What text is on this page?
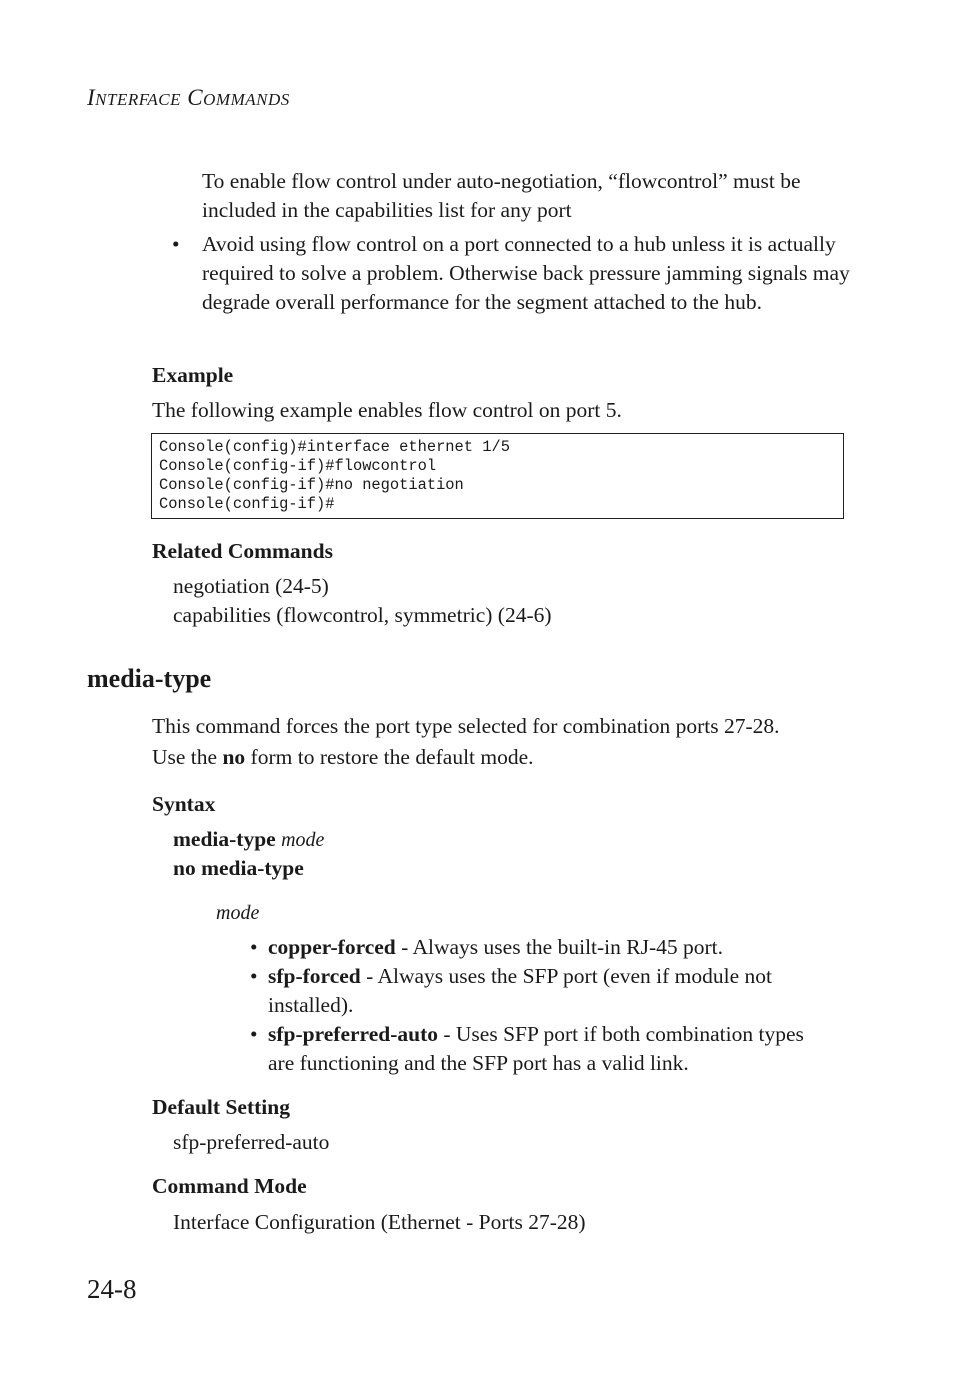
INTERFACE COMMANDS

To enable flow control under auto-negotiation, “flowcontrol” must be included in the capabilities list for any port

•	Avoid using flow control on a port connected to a hub unless it is actually required to solve a problem. Otherwise back pressure jamming signals may degrade overall performance for the segment attached to the hub.
Example
The following example enables flow control on port 5.
Console(config)#interface ethernet 1/5
Console(config-if)#flowcontrol
Console(config-if)#no negotiation
Console(config-if)#
Related Commands
negotiation (24-5)
capabilities (flowcontrol, symmetric) (24-6)
media-type
This command forces the port type selected for combination ports 27-28.
Use the no form to restore the default mode.
Syntax
media-type mode
no media-type
mode
• copper-forced - Always uses the built-in RJ-45 port.
• sfp-forced - Always uses the SFP port (even if module not
installed).
• sfp-preferred-auto - Uses SFP port if both combination types
are functioning and the SFP port has a valid link.
Default Setting
sfp-preferred-auto
Command Mode
Interface Configuration (Ethernet - Ports 27-28)
24-8
